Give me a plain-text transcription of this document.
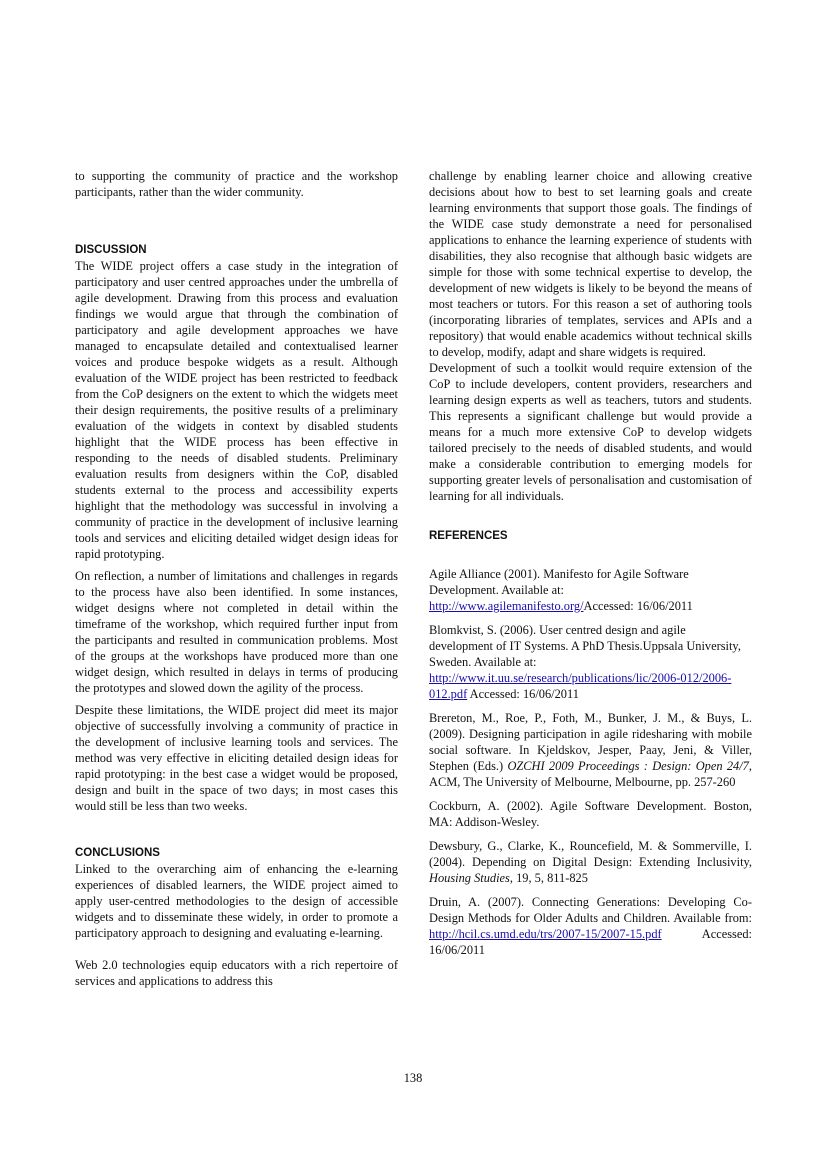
to supporting the community of practice and the workshop participants, rather than the wider community.

DISCUSSION

The WIDE project offers a case study in the integration of participatory and user centred approaches under the umbrella of agile development. Drawing from this process and evaluation findings we would argue that through the combination of participatory and agile development approaches we have managed to encapsulate detailed and contextualised learner voices and produce bespoke widgets as a result. Although evaluation of the WIDE project has been restricted to feedback from the CoP designers on the extent to which the widgets meet their design requirements, the positive results of a preliminary evaluation of the widgets in context by disabled students highlight that the WIDE process has been effective in responding to the needs of disabled students. Preliminary evaluation results from designers within the CoP, disabled students external to the process and accessibility experts highlight that the methodology was successful in involving a community of practice in the development of inclusive learning tools and services and eliciting detailed widget design ideas for rapid prototyping.

On reflection, a number of limitations and challenges in regards to the process have also been identified. In some instances, widget designs where not completed in detail within the timeframe of the workshop, which required further input from the participants and resulted in communication problems. Most of the groups at the workshops have produced more than one widget design, which resulted in delays in terms of producing the prototypes and slowed down the agility of the process.

Despite these limitations, the WIDE project did meet its major objective of successfully involving a community of practice in the development of inclusive learning tools and services. The method was very effective in eliciting detailed design ideas for rapid prototyping: in the best case a widget would be proposed, design and built in the space of two days; in most cases this would still be less than two weeks.

CONCLUSIONS

Linked to the overarching aim of enhancing the e-learning experiences of disabled learners, the WIDE project aimed to apply user-centred methodologies to the design of accessible widgets and to disseminate these widely, in order to promote a participatory approach to designing and evaluating e-learning.

Web 2.0 technologies equip educators with a rich repertoire of services and applications to address this

challenge by enabling learner choice and allowing creative decisions about how to best to set learning goals and create learning environments that support those goals. The findings of the WIDE case study demonstrate a need for personalised applications to enhance the learning experience of students with disabilities, they also recognise that although basic widgets are simple for those with some technical expertise to develop, the development of new widgets is likely to be beyond the means of most teachers or tutors. For this reason a set of authoring tools (incorporating libraries of templates, services and APIs and a repository) that would enable academics without technical skills to develop, modify, adapt and share widgets is required.

Development of such a toolkit would require extension of the CoP to include developers, content providers, researchers and learning design experts as well as teachers, tutors and students. This represents a significant challenge but would provide a means for a much more extensive CoP to develop widgets tailored precisely to the needs of disabled students, and would make a considerable contribution to emerging models for supporting greater levels of personalisation and customisation of learning for all individuals.

REFERENCES

Agile Alliance (2001). Manifesto for Agile Software Development. Available at:
http://www.agilemanifesto.org/Accessed: 16/06/2011

Blomkvist, S. (2006). User centred design and agile development of IT Systems. A PhD Thesis.Uppsala University, Sweden. Available at:
http://www.it.uu.se/research/publications/lic/2006-012/2006-012.pdf Accessed: 16/06/2011

Brereton, M., Roe, P., Foth, M., Bunker, J. M., & Buys, L. (2009). Designing participation in agile ridesharing with mobile social software. In Kjeldskov, Jesper, Paay, Jeni, & Viller, Stephen (Eds.) OZCHI 2009 Proceedings : Design: Open 24/7, ACM, The University of Melbourne, Melbourne, pp. 257-260

Cockburn, A. (2002). Agile Software Development. Boston, MA: Addison-Wesley.

Dewsbury, G., Clarke, K., Rouncefield, M. & Sommerville, I. (2004). Depending on Digital Design: Extending Inclusivity, Housing Studies, 19, 5, 811-825

Druin, A. (2007). Connecting Generations: Developing Co-Design Methods for Older Adults and Children. Available from: http://hcil.cs.umd.edu/trs/2007-15/2007-15.pdf Accessed: 16/06/2011

138
